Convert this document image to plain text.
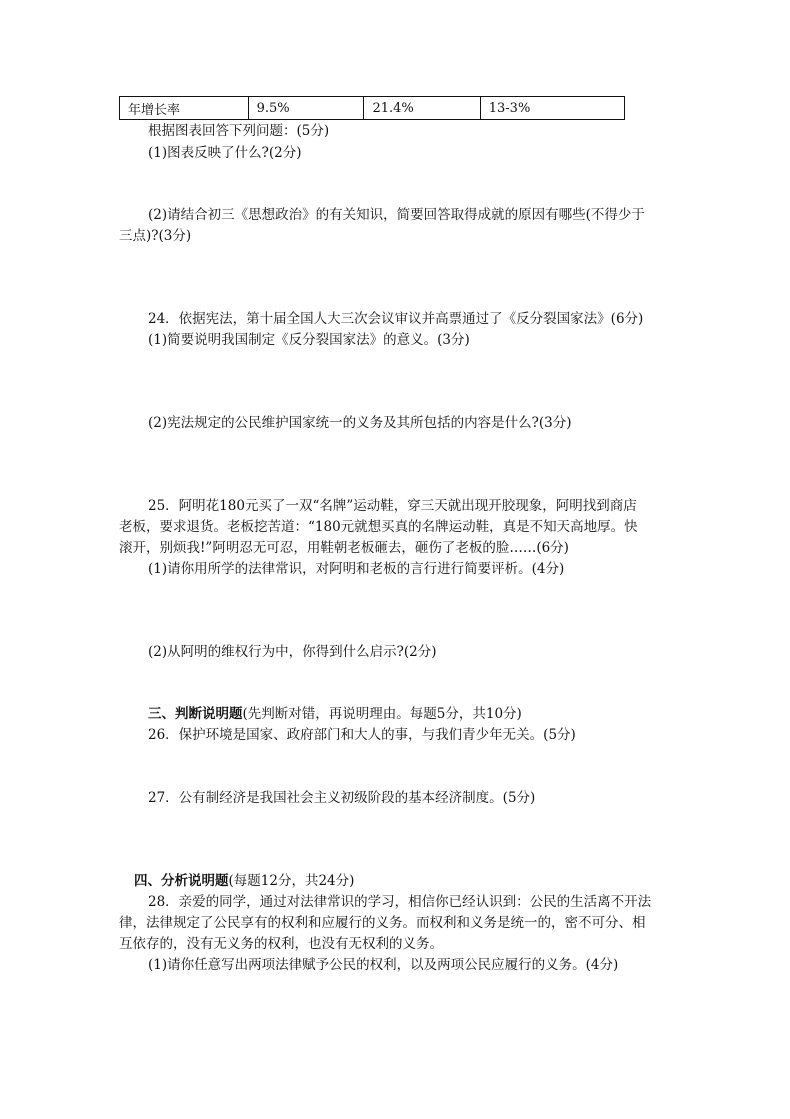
年增长率	9.5%	21.4%	13-3%
根据图表回答下列问题：(5分)
(1)图表反映了什么?(2分)
(2)请结合初三《思想政治》的有关知识，简要回答取得成就的原因有哪些(不得少于
三点)?(3分)
24．依据宪法，第十届全国人大三次会议审议并高票通过了《反分裂国家法》(6分)
(1)简要说明我国制定《反分裂国家法》的意义。(3分)
(2)宪法规定的公民维护国家统一的义务及其所包括的内容是什么?(3分)
25．阿明花180元买了一双“名牌”运动鞋，穿三天就出现开胶现象，阿明找到商店
老板，要求退货。老板挖苦道：“180元就想买真的名牌运动鞋，真是不知天高地厚。快
滚开，别烦我!”阿明忍无可忍，用鞋朝老板砸去，砸伤了老板的脸……(6分)
(1)请你用所学的法律常识，对阿明和老板的言行进行简要评析。(4分)
(2)从阿明的维权行为中，你得到什么启示?(2分)
三、判断说明题(先判断对错，再说明理由。每题5分，共10分)
26．保护环境是国家、政府部门和大人的事，与我们青少年无关。(5分)
27．公有制经济是我国社会主义初级阶段的基本经济制度。(5分)
四、分析说明题(每题12分，共24分)
28．亲爱的同学，通过对法律常识的学习，相信你已经认识到：公民的生活离不开法
律，法律规定了公民享有的权利和应履行的义务。而权利和义务是统一的，密不可分、相
互依存的，没有无义务的权利，也没有无权利的义务。
(1)请你任意写出两项法律赋予公民的权利，以及两项公民应履行的义务。(4分)
